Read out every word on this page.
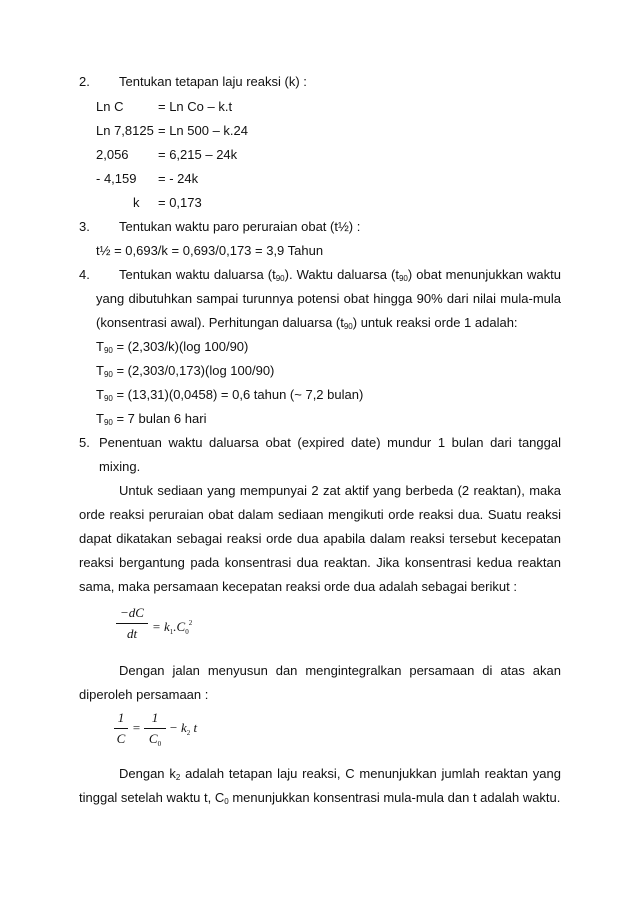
2. Tentukan tetapan laju reaksi (k) :
Ln C	= Ln Co – k.t
Ln 7,8125 = Ln 500 – k.24
2,056 = 6,215 – 24k
- 4,159 = - 24k
k = 0,173
3. Tentukan waktu paro peruraian obat (t½) :
t½ = 0,693/k = 0,693/0,173 = 3,9 Tahun
4. Tentukan waktu daluarsa $(t_{90})$. Waktu daluarsa $(t_{90})$ obat menunjukkan waktu
yang dibutuhkan sampai turunnya potensi obat hingga 90% dari nilai mula-mula
(konsentrasi awal). Perhitungan daluarsa $(t_{90})$ untuk reaksi orde 1 adalah:
$T_{90} = (2,303/k)(\log$ 100/90)
$T_{90} = (2,303/0,173)(\log$ 100/90)
$T_{90} = (13,31)(0,0458) = 0,6$ tahun (~ 7,2 bulan)
$T_{90} = 7$ bulan 6 hari
5. Penentuan waktu daluarsa obat (expired date) mundur 1 bulan dari tanggal
mixing.
Untuk sediaan yang mempunyai 2 zat aktif yang berbeda (2 reaktan), maka
orde reaksi peruraian obat dalam sediaan mengikuti orde reaksi dua. Suatu reaksi
dapat dikatakan sebagai reaksi orde dua apabila dalam reaksi tersebut kecepatan
reaksi bergantung pada konsentrasi dua reaktan. Jika konsentrasi kedua reaktan
sama, maka persamaan kecepatan reaksi orde dua adalah sebagai berikut :
−dC
dt	= $k_1.C_0^2$
Dengan jalan menyusun dan mengintegralkan persamaan di atas akan
diperoleh persamaan :
1
C
=
1
$C_0$
− $k_2$ t
Dengan $k_2$ adalah tetapan laju reaksi, C menunjukkan jumlah reaktan yang
tinggal setelah waktu t, $C_0$ menunjukkan konsentrasi mula-mula dan t adalah waktu.
